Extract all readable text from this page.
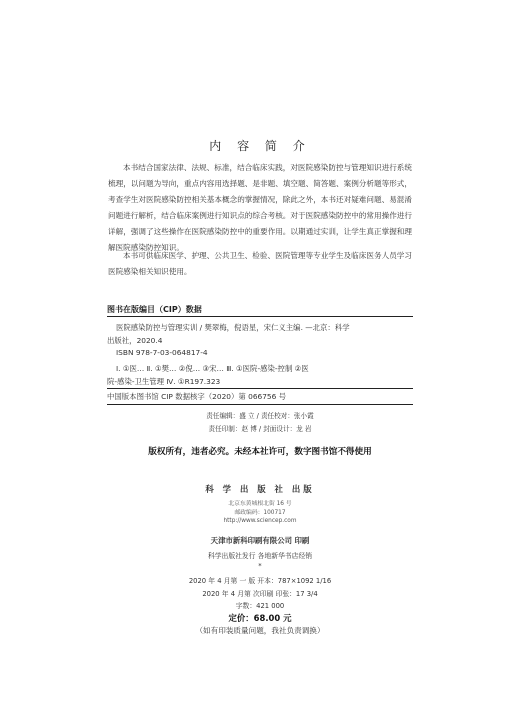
内 容 简 介
本书结合国家法律、法规、标准，结合临床实践，对医院感染防控与管理知识进行系统梳理，以问题为导向，重点内容用选择题、是非题、填空题、简答题、案例分析题等形式，考查学生对医院感染防控相关基本概念的掌握情况，除此之外，本书还对疑难问题、易混淆问题进行解析，结合临床案例进行知识点的综合考核。对于医院感染防控中的常用操作进行详解，强调了这些操作在医院感染防控中的重要作用。以期通过实训，让学生真正掌握和理解医院感染防控知识。
本书可供临床医学、护理、公共卫生、检验、医院管理等专业学生及临床医务人员学习医院感染相关知识使用。
图书在版编目（CIP）数据
医院感染防控与管理实训 / 樊翠梅，倪语星，宋仁义主编. —北京：科学
出版社，2020.4
ISBN 978-7-03-064817-4
Ⅰ. ①医… Ⅱ. ①樊… ②倪… ③宋… Ⅲ. ①医院-感染-控制 ②医
院-感染-卫生管理 Ⅳ. ①R197.323
中国版本图书馆 CIP 数据核字（2020）第 066756 号
责任编辑：盛 立 / 责任校对：张小霞
责任印制：赵 博 / 封面设计：龙 岩
版权所有，违者必究。未经本社许可，数字图书馆不得使用
科 学 出 版 社 出版
北京东黄城根北街 16 号
邮政编码：100717
http://www.sciencep.com
天津市新科印刷有限公司 印刷
科学出版社发行 各地新华书店经销
*
2020 年 4 月第 一 版 开本：787×1092 1/16
2020 年 4 月第 次印刷 印张：17 3/4
字数：421 000
定价：68.00 元
（如有印装质量问题，我社负责调换）
